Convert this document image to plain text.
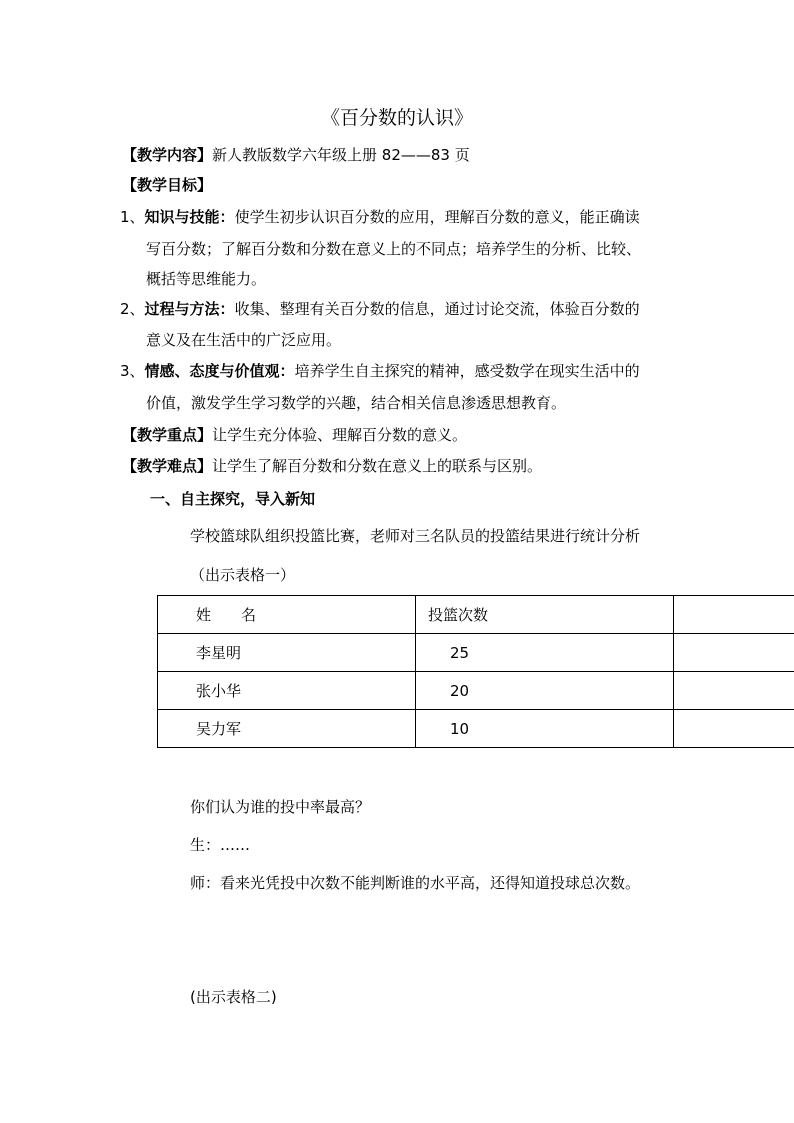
《百分数的认识》
【教学内容】新人教版数学六年级上册 82——83 页
【教学目标】
1、知识与技能：使学生初步认识百分数的应用，理解百分数的意义，能正确读
写百分数；了解百分数和分数在意义上的不同点；培养学生的分析、比较、
概括等思维能力。
2、过程与方法：收集、整理有关百分数的信息，通过讨论交流，体验百分数的
意义及在生活中的广泛应用。
3、情感、态度与价值观：培养学生自主探究的精神，感受数学在现实生活中的
价值，激发学生学习数学的兴趣，结合相关信息渗透思想教育。
【教学重点】让学生充分体验、理解百分数的意义。
【教学难点】让学生了解百分数和分数在意义上的联系与区别。
一、自主探究，导入新知
学校篮球队组织投篮比赛，老师对三名队员的投篮结果进行统计分析
（出示表格一）
姓　　名	投篮次数	
李星明	25	
张小华	20	
吴力军	10	
你们认为谁的投中率最高？
生：……
师：看来光凭投中次数不能判断谁的水平高，还得知道投球总次数。
(出示表格二)
